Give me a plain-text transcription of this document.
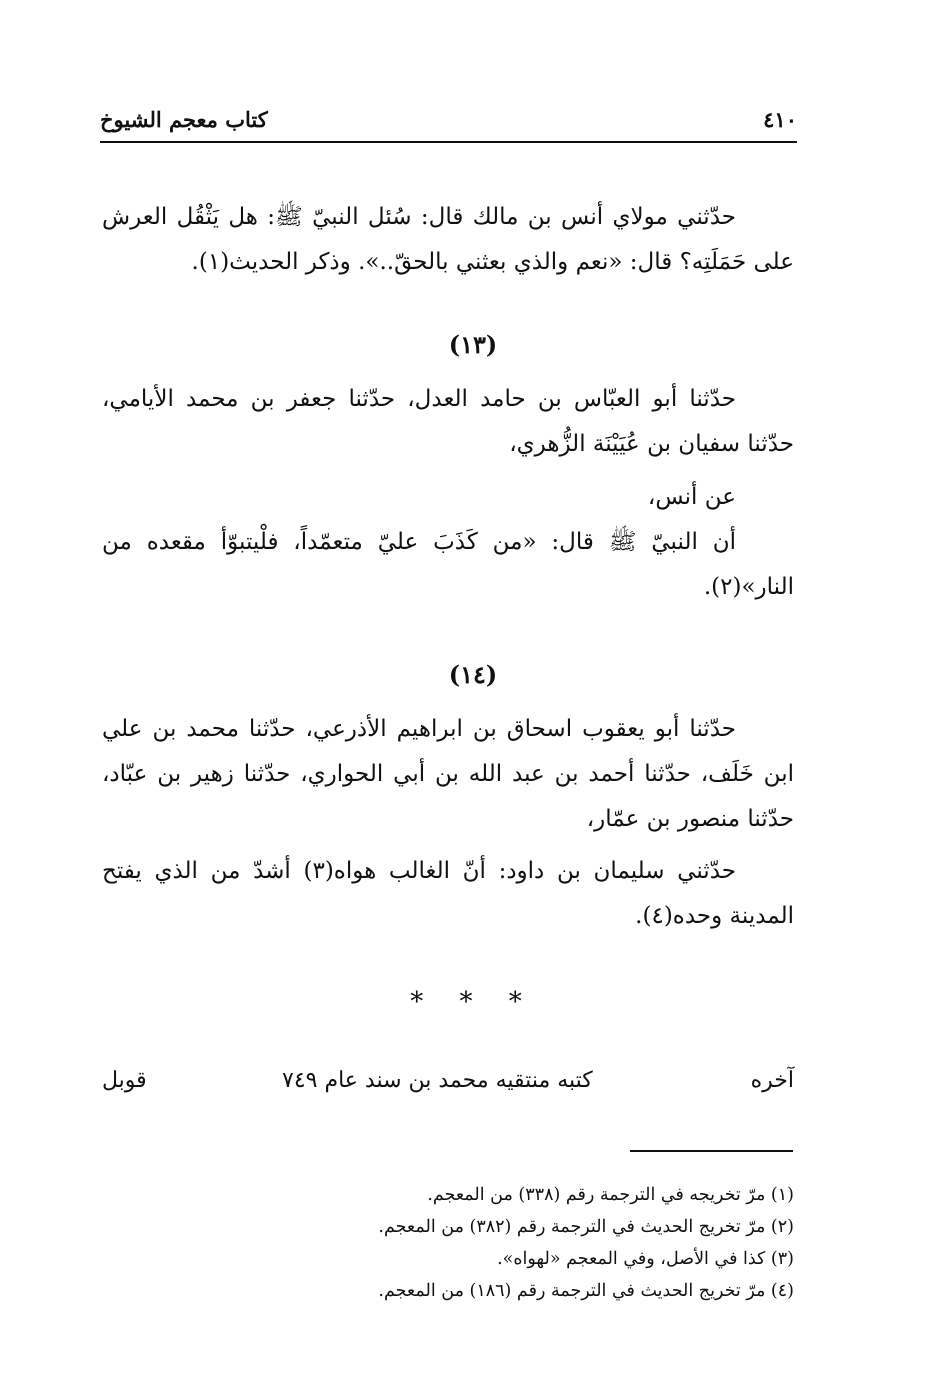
٤١٠
كتاب معجم الشيوخ

حدّثني مولاي أنس بن مالك قال: سُئل النبيّ ﷺ: هل يَثْقُل العرش على حَمَلَتِه؟ قال: «نعم والذي بعثني بالحقّ..». وذكر الحديث(١).

(١٣)

حدّثنا أبو العبّاس بن حامد العدل، حدّثنا جعفر بن محمد الأيامي، حدّثنا سفيان بن عُيَيْنَة الزُّهري،

عن أنس،

أن النبيّ ﷺ قال: «من كَذَبَ عليّ متعمّداً، فلْيتبوّأ مقعده من النار»(٢).

(١٤)

حدّثنا أبو يعقوب اسحاق بن ابراهيم الأذرعي، حدّثنا محمد بن علي ابن خَلَف، حدّثنا أحمد بن عبد الله بن أبي الحواري، حدّثنا زهير بن عبّاد، حدّثنا منصور بن عمّار،

حدّثني سليمان بن داود: أنّ الغالب هواه(٣) أشدّ من الذي يفتح المدينة وحده(٤).

* * *
آخره
كتبه منتقيه محمد بن سند عام ٧٤٩
قوبل

(١) مرّ تخريجه في الترجمة رقم (٣٣٨) من المعجم.

(٢) مرّ تخريج الحديث في الترجمة رقم (٣٨٢) من المعجم.

(٣) كذا في الأصل، وفي المعجم «لهواه».

(٤) مرّ تخريج الحديث في الترجمة رقم (١٨٦) من المعجم.
